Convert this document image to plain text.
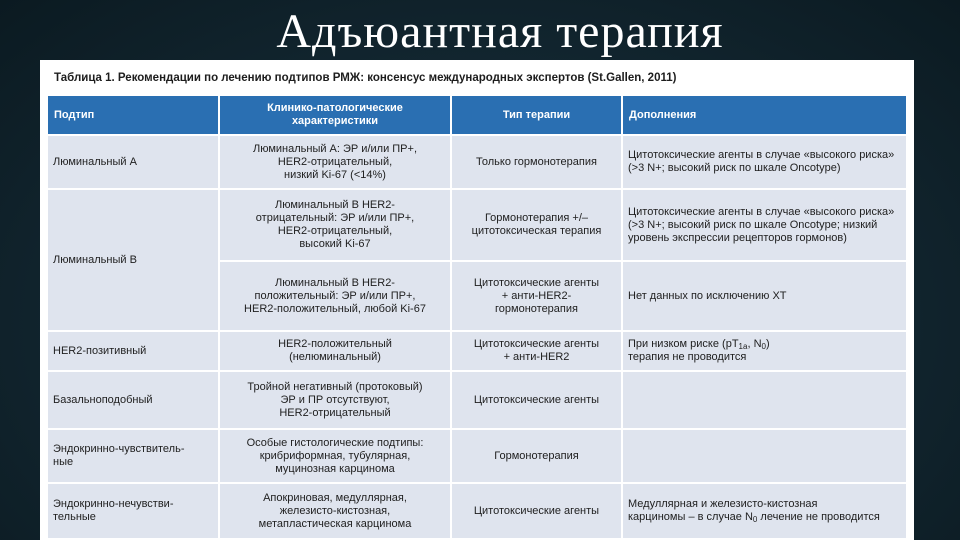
Адъюантная терапия
Таблица 1. Рекомендации по лечению подтипов РМЖ: консенсус международных экспертов (St.Gallen, 2011)
Подтип	Клинико-патологические характеристики	Тип терапии	Дополнения
Люминальный А	Люминальный А: ЭР и/или ПР+,
HER2-отрицательный,
низкий Ki-67 (<14%)	Только гормонотерапия	Цитотоксические агенты в случае «высокого риска» (>3 N+; высокий риск по шкале Oncotype)
Люминальный В	Люминальный В HER2-
отрицательный: ЭР и/или ПР+,
HER2-отрицательный,
высокий Ki-67	Гормонотерапия +/–
цитотоксическая терапия	Цитотоксические агенты в случае «высокого риска» (>3 N+; высокий риск по шкале Oncotype; низкий уровень экспрессии рецепторов гормонов)
	Люминальный В HER2-
положительный: ЭР и/или ПР+,
HER2-положительный, любой Ki-67	Цитотоксические агенты
+ анти-HER2-
гормонотерапия	Нет данных по исключению ХТ
HER2-позитивный	HER2-положительный
(нелюминальный)	Цитотоксические агенты
+ анти-HER2	При низком риске ($pT_{1a}$, $N_0$)
терапия не проводится
Базальноподобный	Тройной негативный (протоковый)
ЭР и ПР отсутствуют,
HER2-отрицательный	Цитотоксические агенты	
Эндокринно-чувствитель-
ные	Особые гистологические подтипы:
крибриформная, тубулярная,
муцинозная карцинома	Гормонотерапия	
Эндокринно-нечувстви-
тельные	Апокриновая, медуллярная,
железисто-кистозная,
метапластическая карцинома	Цитотоксические агенты	Медуллярная и железисто-кистозная
карциномы – в случае $N_0$ лечение не проводится
